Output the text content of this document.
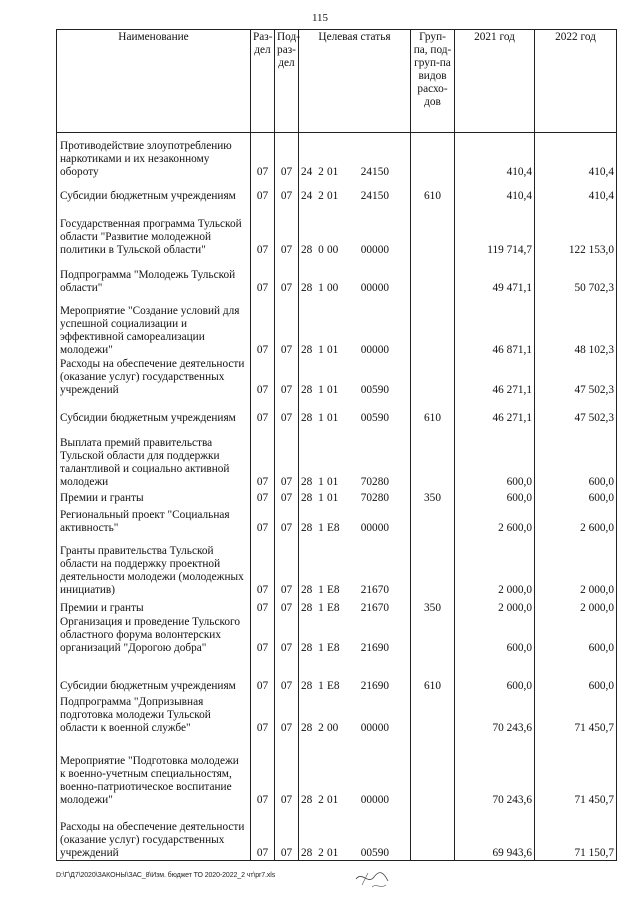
115
Наименование	Раз-дел	Под-раз-дел	Целевая статья	Груп-па, под-груп-па видов расхо-дов	2021 год	2022 год
Противодействие злоупотреблению наркотиками и их незаконному обороту	07	07	24 2 01 24150		410,4	410,4
Субсидии бюджетным учреждениям	07	07	24 2 01 24150	610	410,4	410,4
Государственная программа Тульской области "Развитие молодежной политики в Тульской области"	07	07	28 0 00 00000		119 714,7	122 153,0
Подпрограмма "Молодежь Тульской области"	07	07	28 1 00 00000		49 471,1	50 702,3
Мероприятие "Создание условий для успешной социализации и эффективной самореализации молодежи"	07	07	28 1 01 00000		46 871,1	48 102,3
Расходы на обеспечение деятельности (оказание услуг) государственных учреждений	07	07	28 1 01 00590		46 271,1	47 502,3
Субсидии бюджетным учреждениям	07	07	28 1 01 00590	610	46 271,1	47 502,3
Выплата премий правительства Тульской области для поддержки талантливой и социально активной молодежи	07	07	28 1 01 70280		600,0	600,0
Премии и гранты	07	07	28 1 01 70280	350	600,0	600,0
Региональный проект "Социальная активность"	07	07	28 1 E8 00000		2 600,0	2 600,0
Гранты правительства Тульской области на поддержку проектной деятельности молодежи (молодежных инициатив)	07	07	28 1 E8 21670		2 000,0	2 000,0
Премии и гранты	07	07	28 1 E8 21670	350	2 000,0	2 000,0
Организация и проведение Тульского областного форума волонтерских организаций "Дорогою добра"	07	07	28 1 E8 21690		600,0	600,0
Субсидии бюджетным учреждениям	07	07	28 1 E8 21690	610	600,0	600,0
Подпрограмма "Допризывная подготовка молодежи Тульской области к военной службе"	07	07	28 2 00 00000		70 243,6	71 450,7
Мероприятие "Подготовка молодежи к военно-учетным специальностям, военно-патриотическое воспитание молодежи"	07	07	28 2 01 00000		70 243,6	71 450,7
Расходы на обеспечение деятельности (оказание услуг) государственных учреждений	07	07	28 2 01 00590		69 943,6	71 150,7
D:\Г\Д7\2020\ЗАКОНЫ\ЗАС_8\Изм. бюджет ТО 2020-2022_2 чт\pr7.xls
